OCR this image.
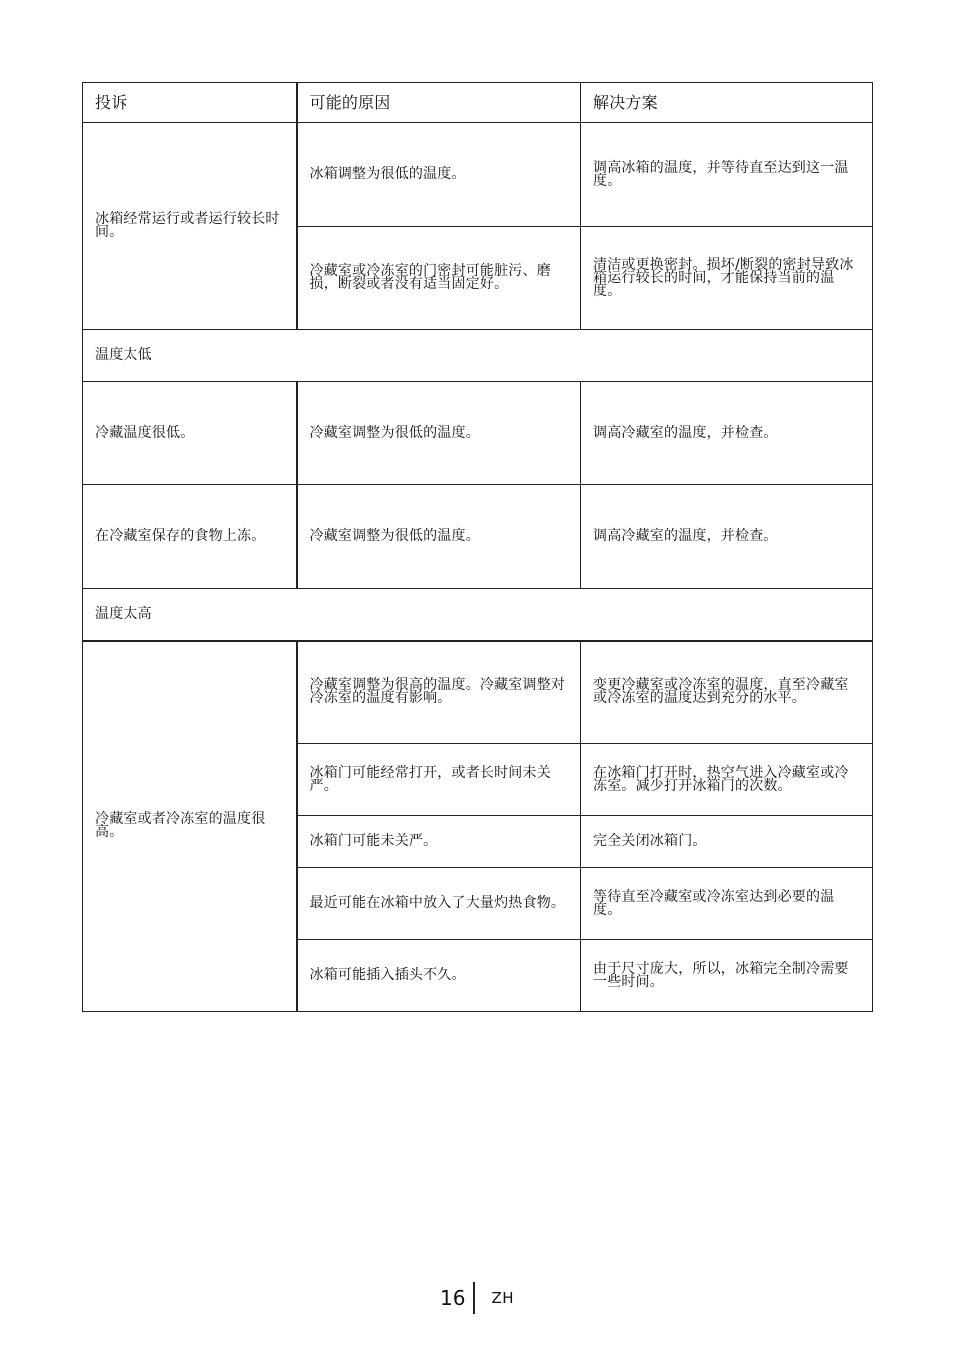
投诉	可能的原因	解决方案
冰箱经常运行或者运行较长时间。	冰箱调整为很低的温度。	调高冰箱的温度，并等待直至达到这一温度。
	冷藏室或冷冻室的门密封可能脏污、磨损，断裂或者没有适当固定好。	清洁或更换密封。损坏/断裂的密封导致冰箱运行较长的时间，才能保持当前的温度。
温度太低		
冷藏温度很低。	冷藏室调整为很低的温度。	调高冷藏室的温度，并检查。
在冷藏室保存的食物上冻。	冷藏室调整为很低的温度。	调高冷藏室的温度，并检查。
温度太高		
冷藏室或者冷冻室的温度很高。	冷藏室调整为很高的温度。冷藏室调整对冷冻室的温度有影响。	变更冷藏室或冷冻室的温度，直至冷藏室或冷冻室的温度达到充分的水平。
	冰箱门可能经常打开，或者长时间未关严。	在冰箱门打开时，热空气进入冷藏室或冷冻室。减少打开冰箱门的次数。
	冰箱门可能未关严。	完全关闭冰箱门。
	最近可能在冰箱中放入了大量灼热食物。	等待直至冷藏室或冷冻室达到必要的温度。
	冰箱可能插入插头不久。	由于尺寸庞大，所以，冰箱完全制冷需要一些时间。
16	ZH
